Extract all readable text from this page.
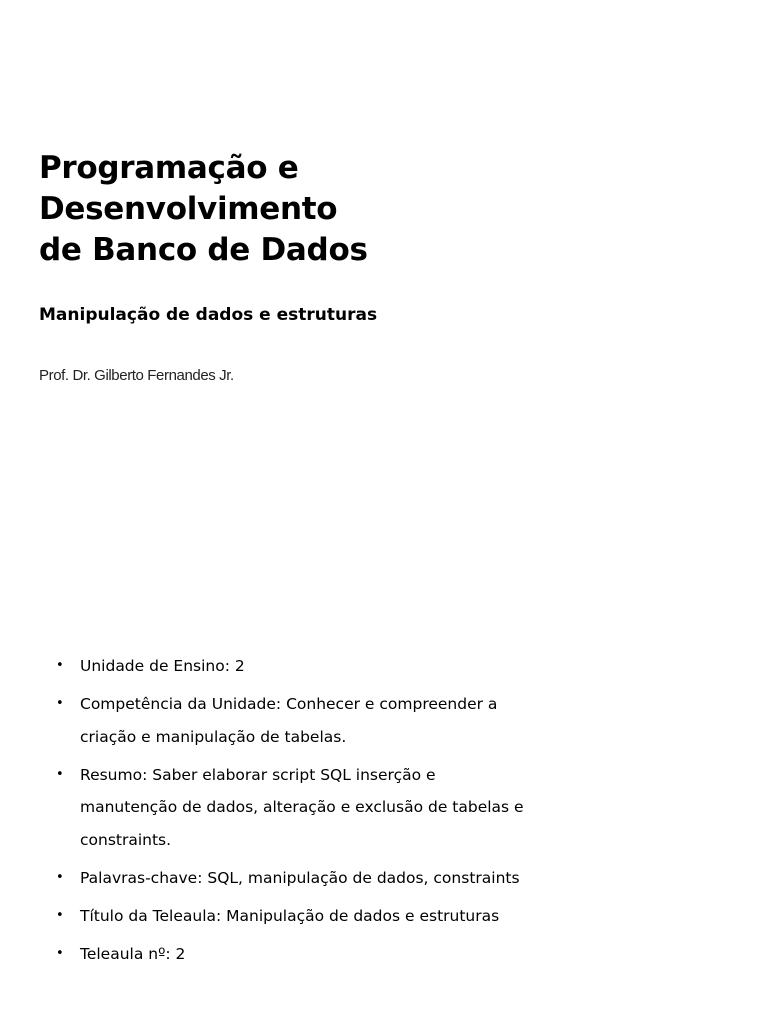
Programação e
Desenvolvimento
de Banco de Dados
Manipulação de dados e estruturas

Prof. Dr. Gilberto Fernandes Jr.

• Unidade de Ensino: 2
• Competência da Unidade: Conhecer e compreender a
criação e manipulação de tabelas.
• Resumo: Saber elaborar script SQL inserção e
manutenção de dados, alteração e exclusão de tabelas e
constraints.
• Palavras-chave: SQL, manipulação de dados, constraints
• Título da Teleaula: Manipulação de dados e estruturas
• Teleaula nº: 2
